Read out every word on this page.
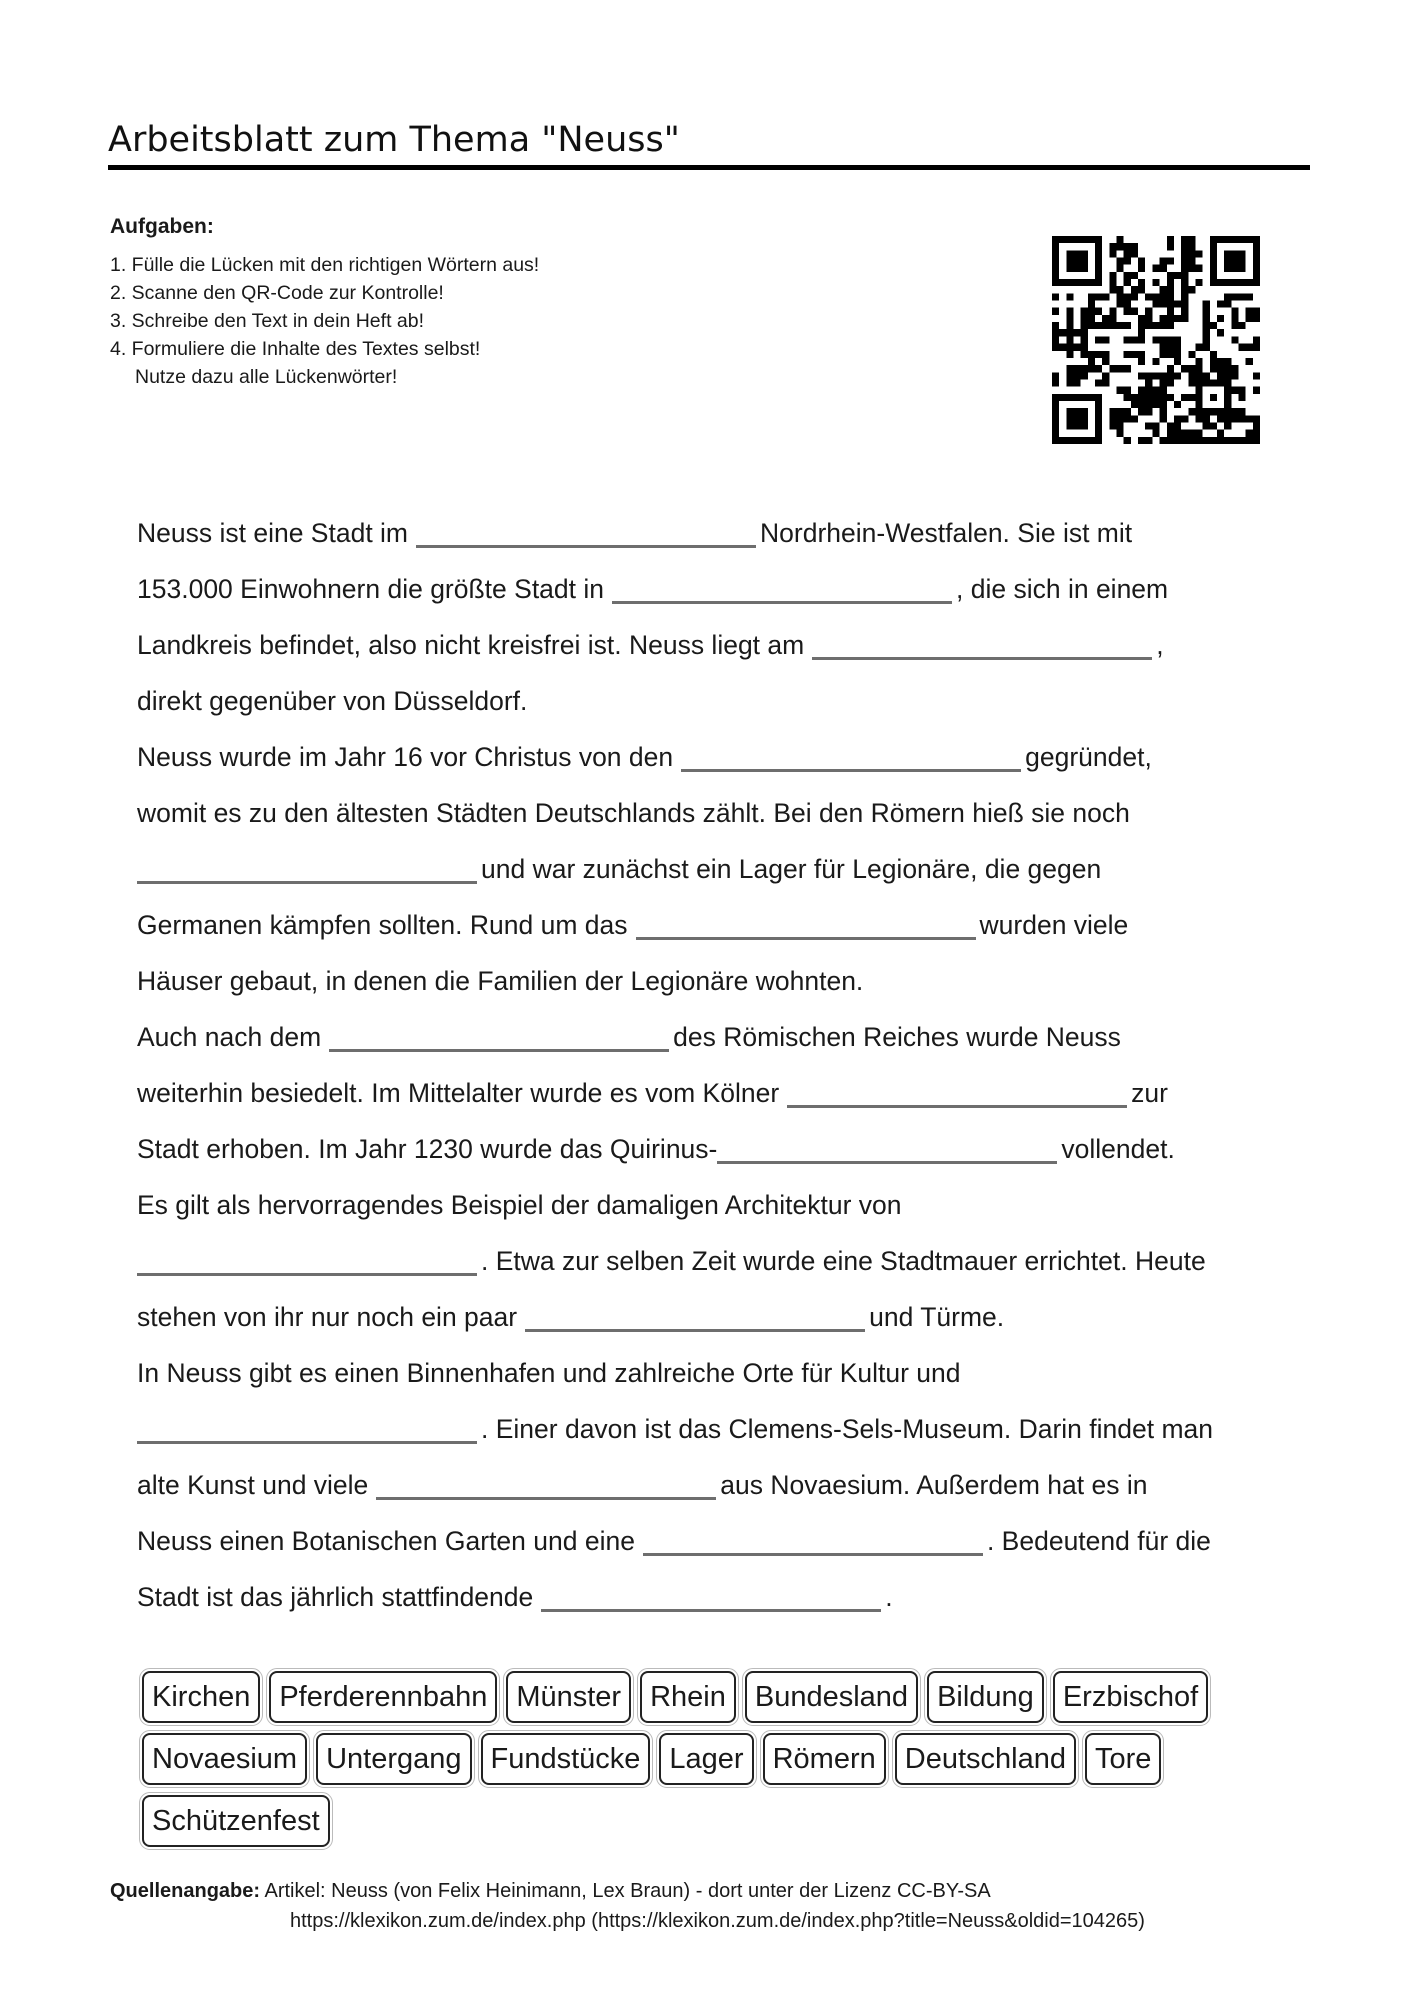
Arbeitsblatt zum Thema "Neuss"
Aufgaben:
1. Fülle die Lücken mit den richtigen Wörtern aus!
2. Scanne den QR-Code zur Kontrolle!
3. Schreibe den Text in dein Heft ab!
4. Formuliere die Inhalte des Textes selbst!
Nutze dazu alle Lückenwörter!
Neuss ist eine Stadt im	Nordrhein-Westfalen. Sie ist mit
153.000 Einwohnern die größte Stadt in	, die sich in einem
Landkreis befindet, also nicht kreisfrei ist. Neuss liegt am	,
direkt gegenüber von Düsseldorf.
Neuss wurde im Jahr 16 vor Christus von den	gegründet,
womit es zu den ältesten Städten Deutschlands zählt. Bei den Römern hieß sie noch
und war zunächst ein Lager für Legionäre, die gegen
Germanen kämpfen sollten. Rund um das	wurden viele
Häuser gebaut, in denen die Familien der Legionäre wohnten.
Auch nach dem	des Römischen Reiches wurde Neuss
weiterhin besiedelt. Im Mittelalter wurde es vom Kölner	zur
Stadt erhoben. Im Jahr 1230 wurde das Quirinus-	vollendet.
Es gilt als hervorragendes Beispiel der damaligen Architektur von
. Etwa zur selben Zeit wurde eine Stadtmauer errichtet. Heute
stehen von ihr nur noch ein paar	und Türme.
In Neuss gibt es einen Binnenhafen und zahlreiche Orte für Kultur und
. Einer davon ist das Clemens-Sels-Museum. Darin findet man
alte Kunst und viele	aus Novaesium. Außerdem hat es in
Neuss einen Botanischen Garten und eine	. Bedeutend für die
Stadt ist das jährlich stattfindende	.
Kirchen	Pferderennbahn	Münster	Rhein	Bundesland	Bildung	Erzbischof
Novaesium	Untergang	Fundstücke	Lager	Römern	Deutschland	Tore
Schützenfest
Quellenangabe: Artikel: Neuss (von Felix Heinimann, Lex Braun) - dort unter der Lizenz CC-BY-SA
https://klexikon.zum.de/index.php (https://klexikon.zum.de/index.php?title=Neuss&oldid=104265)
